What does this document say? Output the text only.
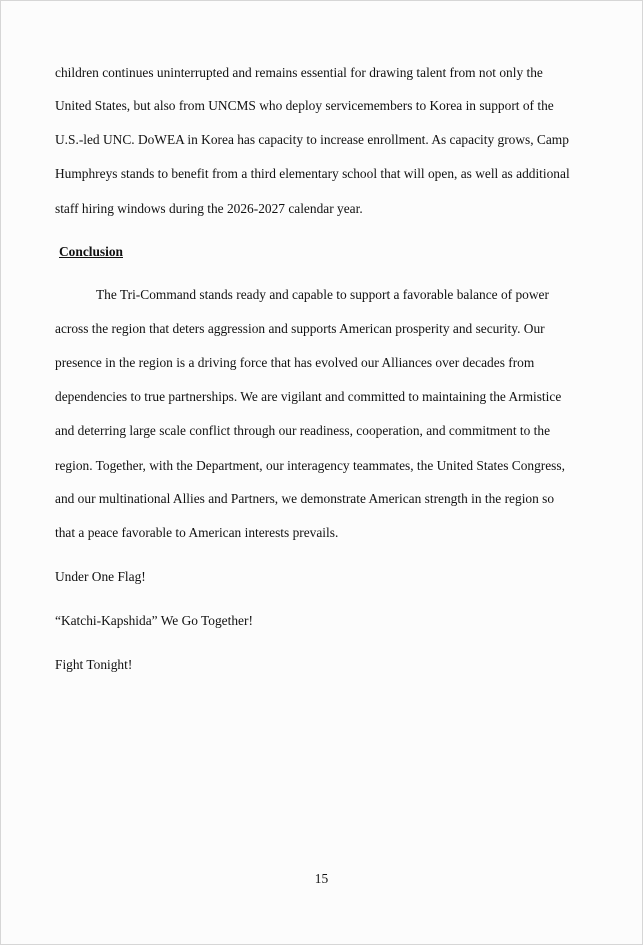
children continues uninterrupted and remains essential for drawing talent from not only the
United States, but also from UNCMS who deploy servicemembers to Korea in support of the
U.S.-led UNC. DoWEA in Korea has capacity to increase enrollment. As capacity grows, Camp
Humphreys stands to benefit from a third elementary school that will open, as well as additional
staff hiring windows during the 2026-2027 calendar year.
Conclusion
The Tri-Command stands ready and capable to support a favorable balance of power
across the region that deters aggression and supports American prosperity and security. Our
presence in the region is a driving force that has evolved our Alliances over decades from
dependencies to true partnerships. We are vigilant and committed to maintaining the Armistice
and deterring large scale conflict through our readiness, cooperation, and commitment to the
region. Together, with the Department, our interagency teammates, the United States Congress,
and our multinational Allies and Partners, we demonstrate American strength in the region so
that a peace favorable to American interests prevails.
Under One Flag!
“Katchi-Kapshida” We Go Together!
Fight Tonight!
15
